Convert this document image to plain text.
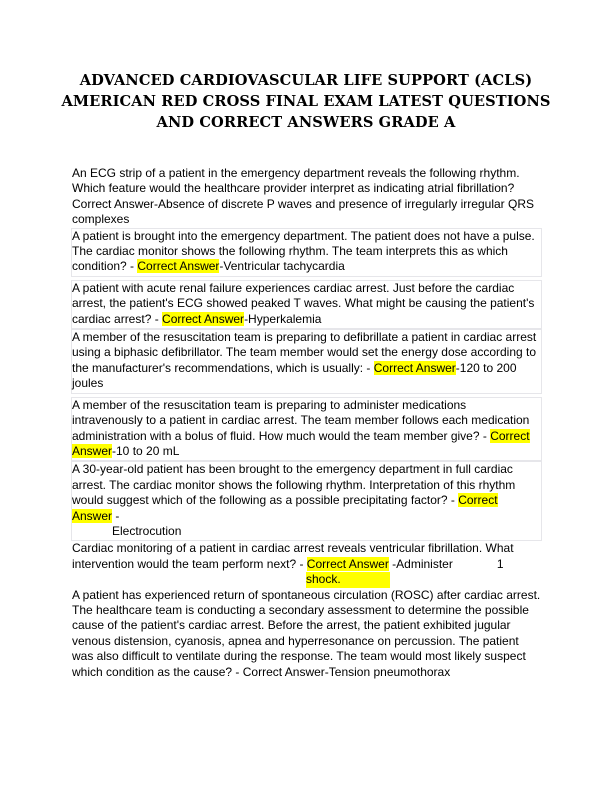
ADVANCED CARDIOVASCULAR LIFE SUPPORT (ACLS)
AMERICAN RED CROSS FINAL EXAM LATEST QUESTIONS
AND CORRECT ANSWERS GRADE A

An ECG strip of a patient in the emergency department reveals the following rhythm. Which feature would the healthcare provider interpret as indicating atrial fibrillation? Correct Answer-Absence of discrete P waves and presence of irregularly irregular QRS complexes

A patient is brought into the emergency department. The patient does not have a pulse. The cardiac monitor shows the following rhythm. The team interprets this as which condition? - Correct Answer-Ventricular tachycardia

A patient with acute renal failure experiences cardiac arrest. Just before the cardiac arrest, the patient's ECG showed peaked T waves. What might be causing the patient's cardiac arrest? - Correct Answer-Hyperkalemia

A member of the resuscitation team is preparing to defibrillate a patient in cardiac arrest using a biphasic defibrillator. The team member would set the energy dose according to the manufacturer's recommendations, which is usually: - Correct Answer-120 to 200 joules

A member of the resuscitation team is preparing to administer medications intravenously to a patient in cardiac arrest. The team member follows each medication administration with a bolus of fluid. How much would the team member give? - Correct
Answer-10 to 20 mL

A 30-year-old patient has been brought to the emergency department in full cardiac arrest. The cardiac monitor shows the following rhythm. Interpretation of this rhythm would suggest which of the following as a possible precipitating factor? - Correct
Answer -
Electrocution

Cardiac monitoring of a patient in cardiac arrest reveals ventricular fibrillation. What intervention would the team perform next? - Correct Answer -Administer	1
shock.

A patient has experienced return of spontaneous circulation (ROSC) after cardiac arrest. The healthcare team is conducting a secondary assessment to determine the possible cause of the patient's cardiac arrest. Before the arrest, the patient exhibited jugular venous distension, cyanosis, apnea and hyperresonance on percussion. The patient was also difficult to ventilate during the response. The team would most likely suspect which condition as the cause? - Correct Answer-Tension pneumothorax
